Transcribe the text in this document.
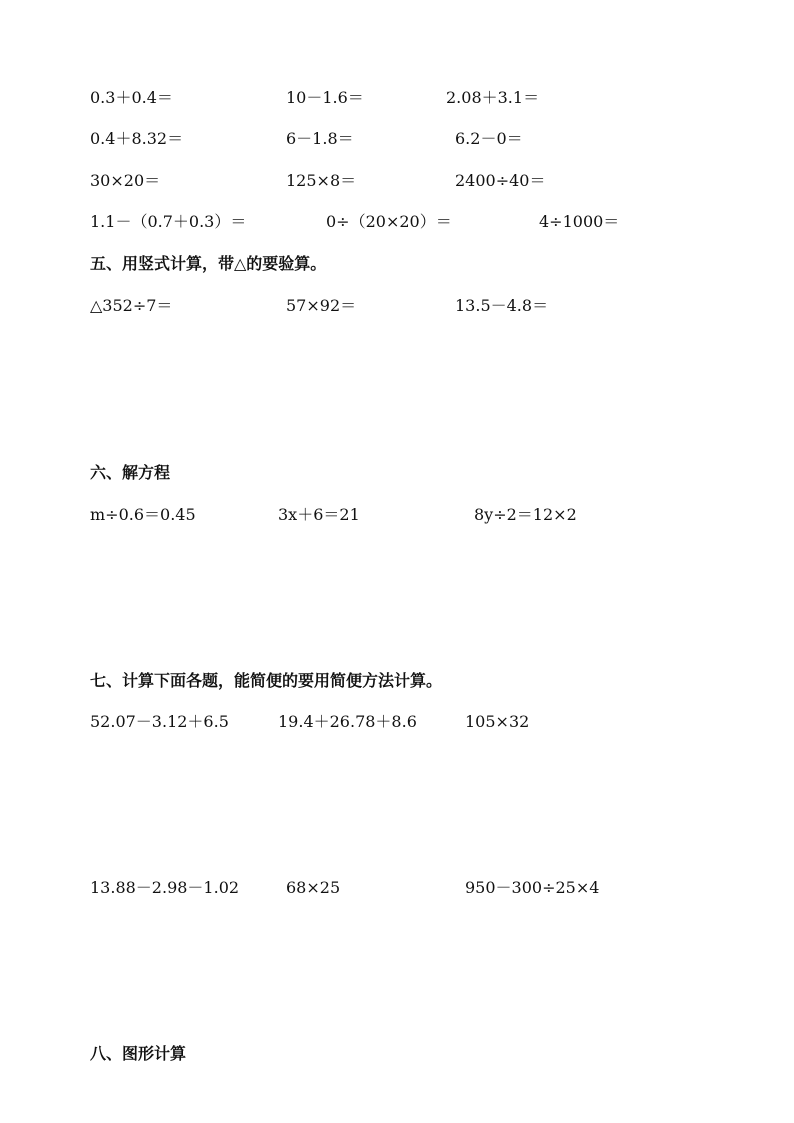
0.3＋0.4＝	10－1.6＝	2.08＋3.1＝
0.4＋8.32＝	6－1.8＝	6.2－0＝
30×20＝	125×8＝	2400÷40＝
1.1－（0.7＋0.3）＝	0÷（20×20）＝	4÷1000＝
五、用竖式计算，带△的要验算。
△352÷7＝	57×92＝	13.5－4.8＝
六、解方程
m÷0.6＝0.45	3x＋6＝21	8y÷2＝12×2
七、计算下面各题，能简便的要用简便方法计算。
52.07－3.12＋6.5	19.4＋26.78＋8.6	105×32
13.88－2.98－1.02	68×25	950－300÷25×4
八、图形计算
